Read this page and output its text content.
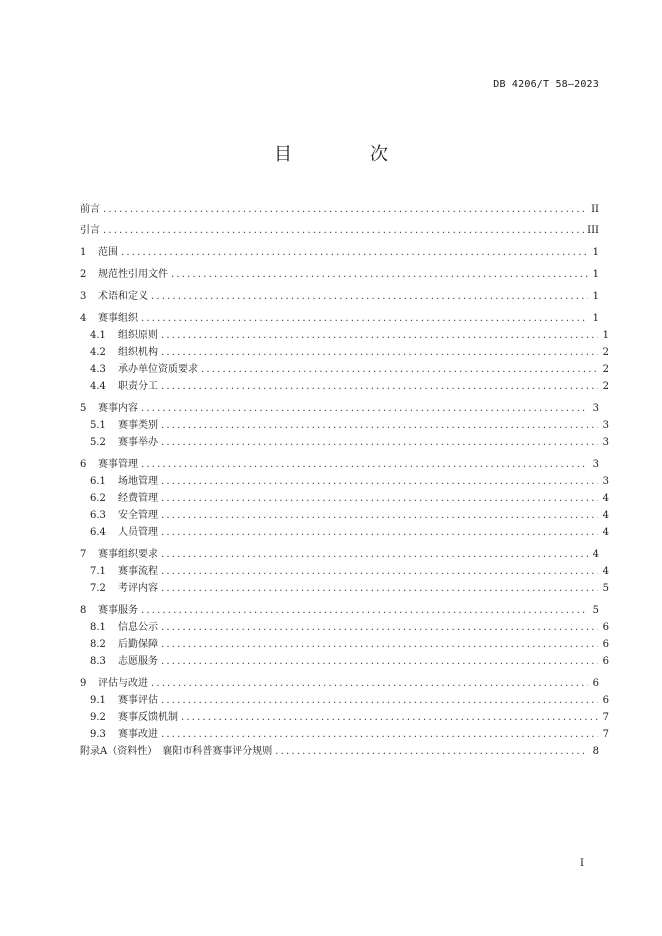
DB 4206/T 58—2023
目　次
前言 .....	II
引言 .....	III
1 范围 .....	1
2 规范性引用文件 .....	1
3 术语和定义 .....	1
4 赛事组织 .....	1
4.1 组织原则 .....	1
4.2 组织机构 .....	2
4.3 承办单位资质要求 .....	2
4.4 职责分工 .....	2
5 赛事内容 .....	3
5.1 赛事类别 .....	3
5.2 赛事举办 .....	3
6 赛事管理 .....	3
6.1 场地管理 .....	3
6.2 经费管理 .....	4
6.3 安全管理 .....	4
6.4 人员管理 .....	4
7 赛事组织要求 .....	4
7.1 赛事流程 .....	4
7.2 考评内容 .....	5
8 赛事服务 .....	5
8.1 信息公示 .....	6
8.2 后勤保障 .....	6
8.3 志愿服务 .....	6
9 评估与改进 .....	6
9.1 赛事评估 .....	6
9.2 赛事反馈机制 .....	7
9.3 赛事改进 .....	7
附录A（资料性）　襄阳市科普赛事评分规则 .....	8
I
